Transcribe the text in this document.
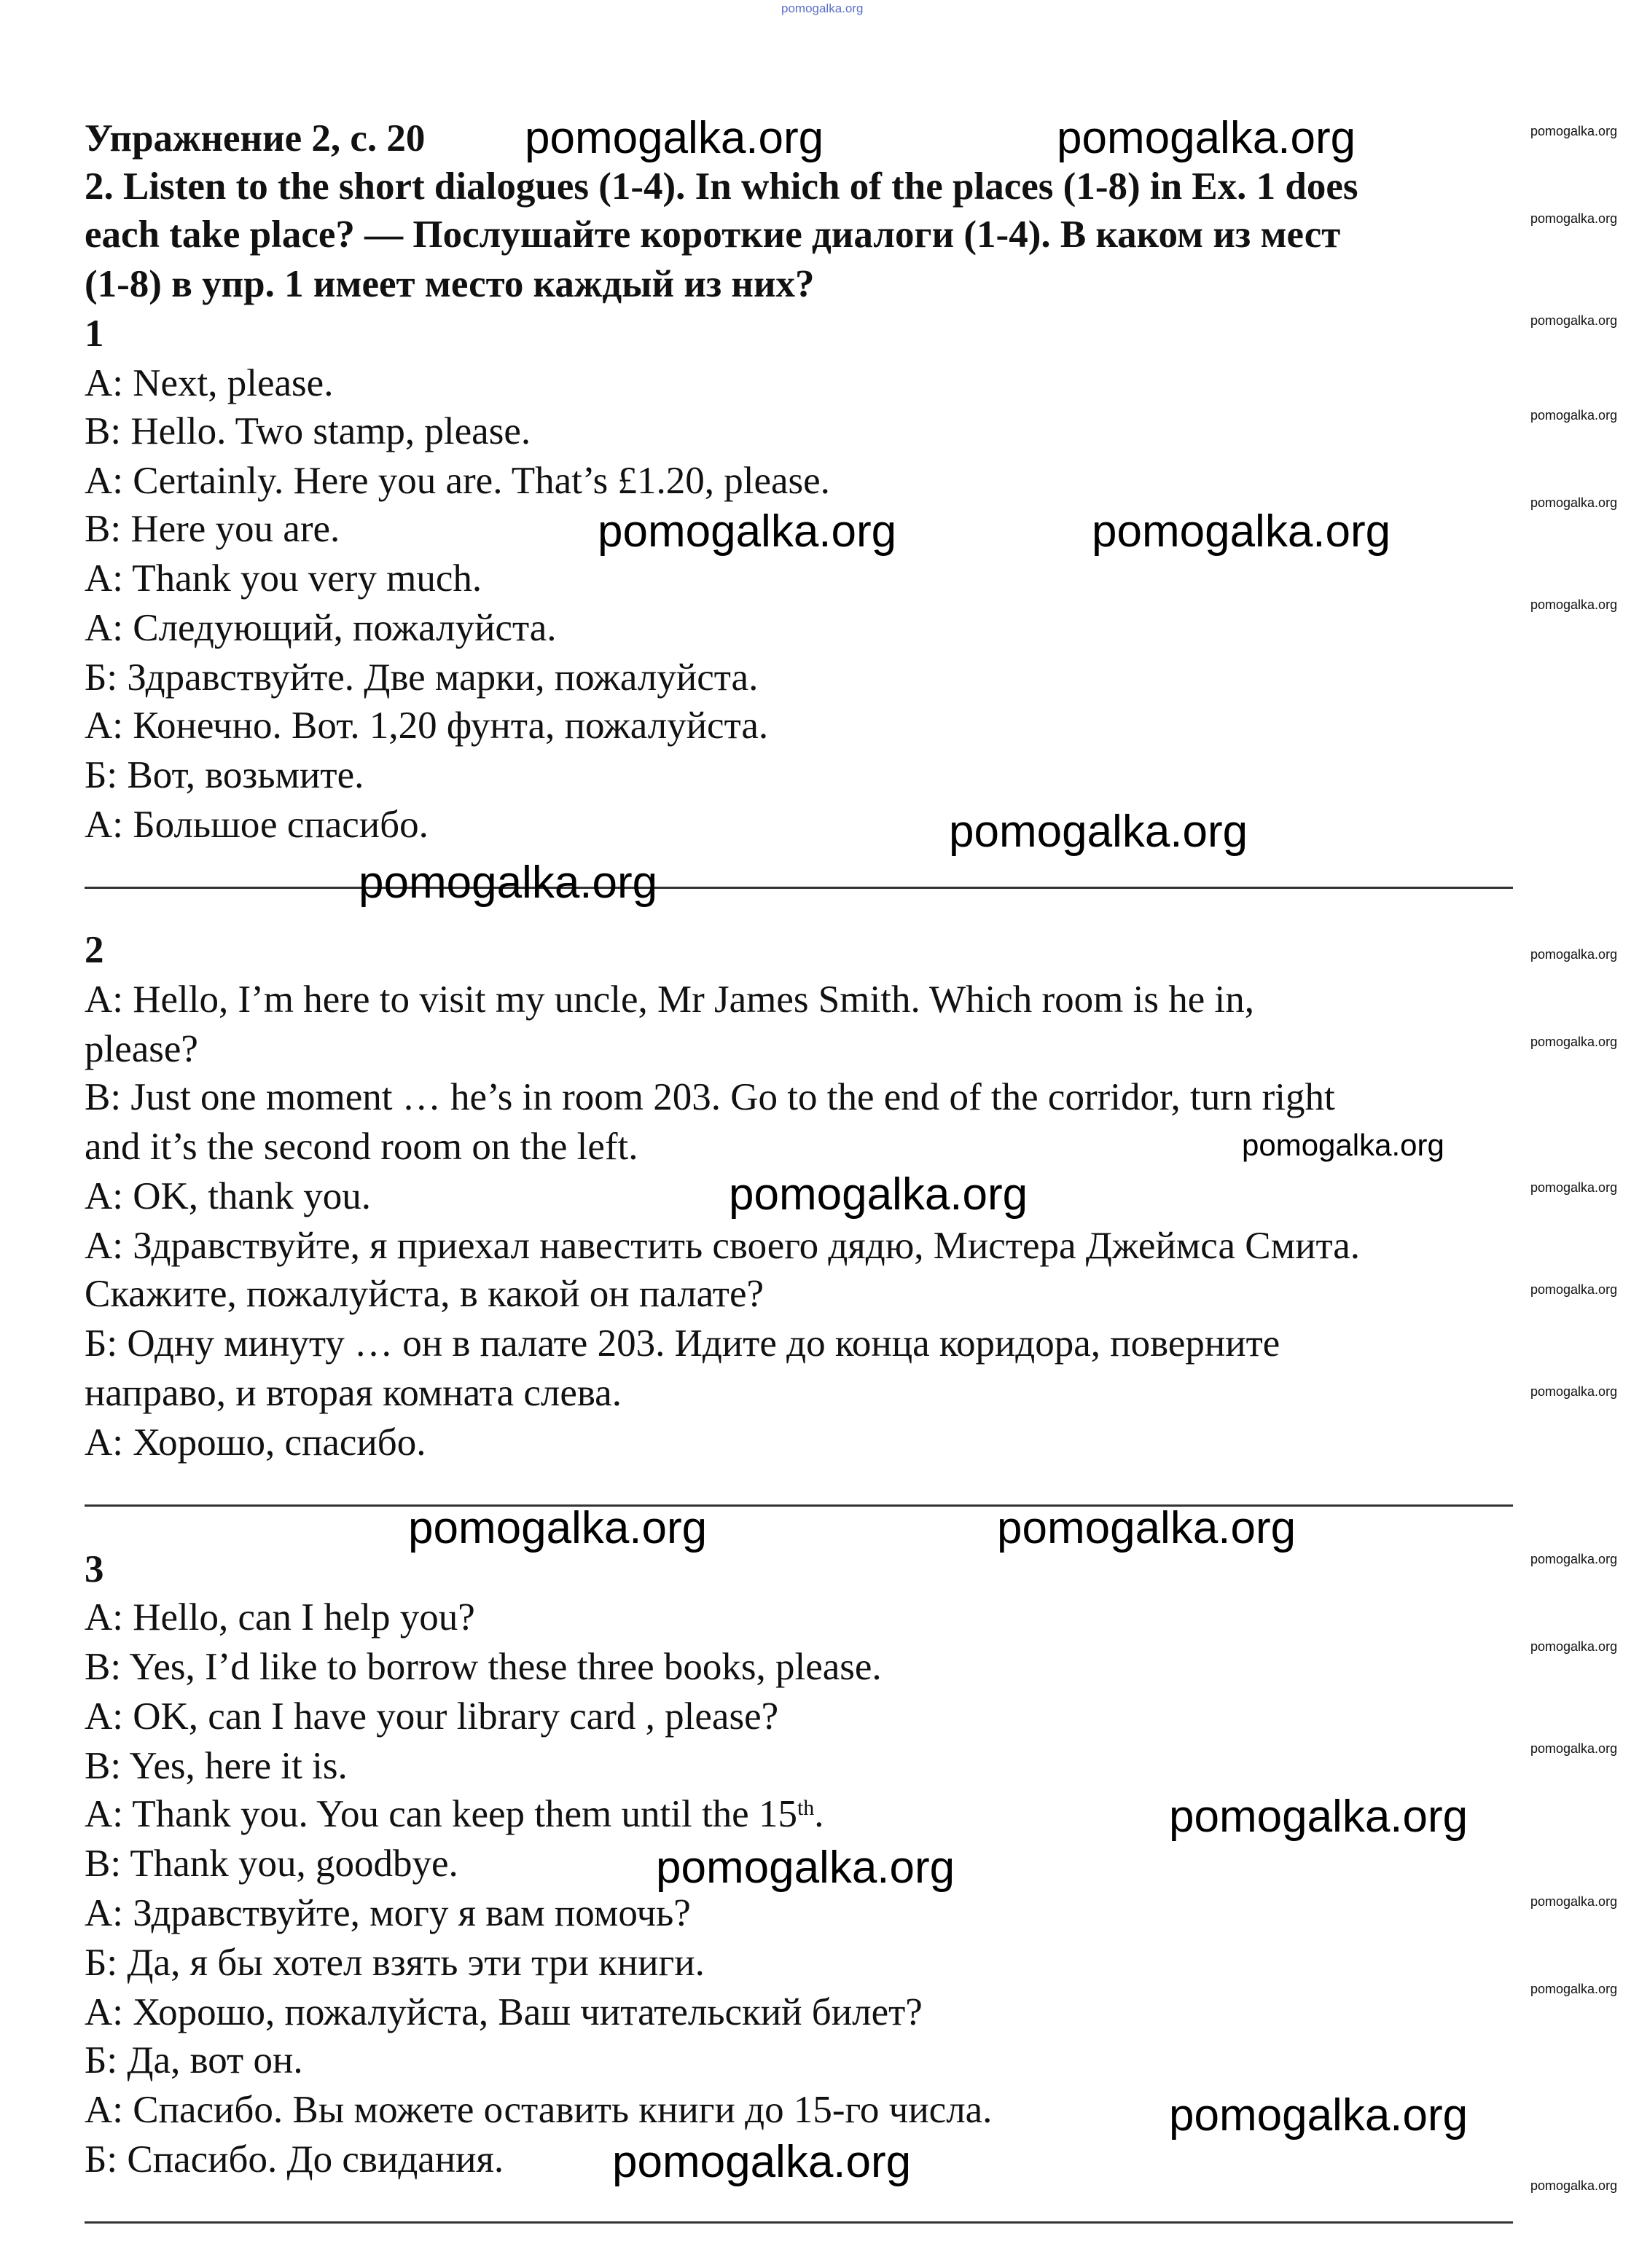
Упражнение 2, с. 20
2. Listen to the short dialogues (1-4). In which of the places (1-8) in Ex. 1 does
each take place? — Послушайте короткие диалоги (1-4). В каком из мест
(1-8) в упр. 1 имеет место каждый из них?
1
A: Next, please.
B: Hello. Two stamp, please.
A: Certainly. Here you are. That’s £1.20, please.
B: Here you are.
A: Thank you very much.
А: Следующий, пожалуйста.
Б: Здравствуйте. Две марки, пожалуйста.
А: Конечно. Вот. 1,20 фунта, пожалуйста.
Б: Вот, возьмите.
А: Большое спасибо.
2
A: Hello, I’m here to visit my uncle, Mr James Smith. Which room is he in,
please?
B: Just one moment … he’s in room 203. Go to the end of the corridor, turn right
and it’s the second room on the left.
A: OK, thank you.
А: Здравствуйте, я приехал навестить своего дядю, Мистера Джеймса Смита.
Скажите, пожалуйста, в какой он палате?
Б: Одну минуту … он в палате 203. Идите до конца коридора, поверните
направо, и вторая комната слева.
А: Хорошо, спасибо.
3
A: Hello, can I help you?
B: Yes, I’d like to borrow these three books, please.
A: OK, can I have your library card , please?
B: Yes, here it is.
A: Thank you. You can keep them until the 15th.
B: Thank you, goodbye.
А: Здравствуйте, могу я вам помочь?
Б: Да, я бы хотел взять эти три книги.
А: Хорошо, пожалуйста, Ваш читательский билет?
Б: Да, вот он.
А: Спасибо. Вы можете оставить книги до 15-го числа.
Б: Спасибо. До свидания.
pomogalka.org	pomogalka.org
pomogalka.org	pomogalka.org
pomogalka.org
pomogalka.org
pomogalka.org
pomogalka.org	pomogalka.org
pomogalka.org
pomogalka.org
pomogalka.org
pomogalka.org
pomogalka.org
pomogalka.org
pomogalka.org
pomogalka.org
pomogalka.org
pomogalka.org
pomogalka.org
pomogalka.org
pomogalka.org
pomogalka.org
pomogalka.org
pomogalka.org
pomogalka.org
pomogalka.org
pomogalka.org
pomogalka.org
pomogalka.org
pomogalka.org
pomogalka.org
